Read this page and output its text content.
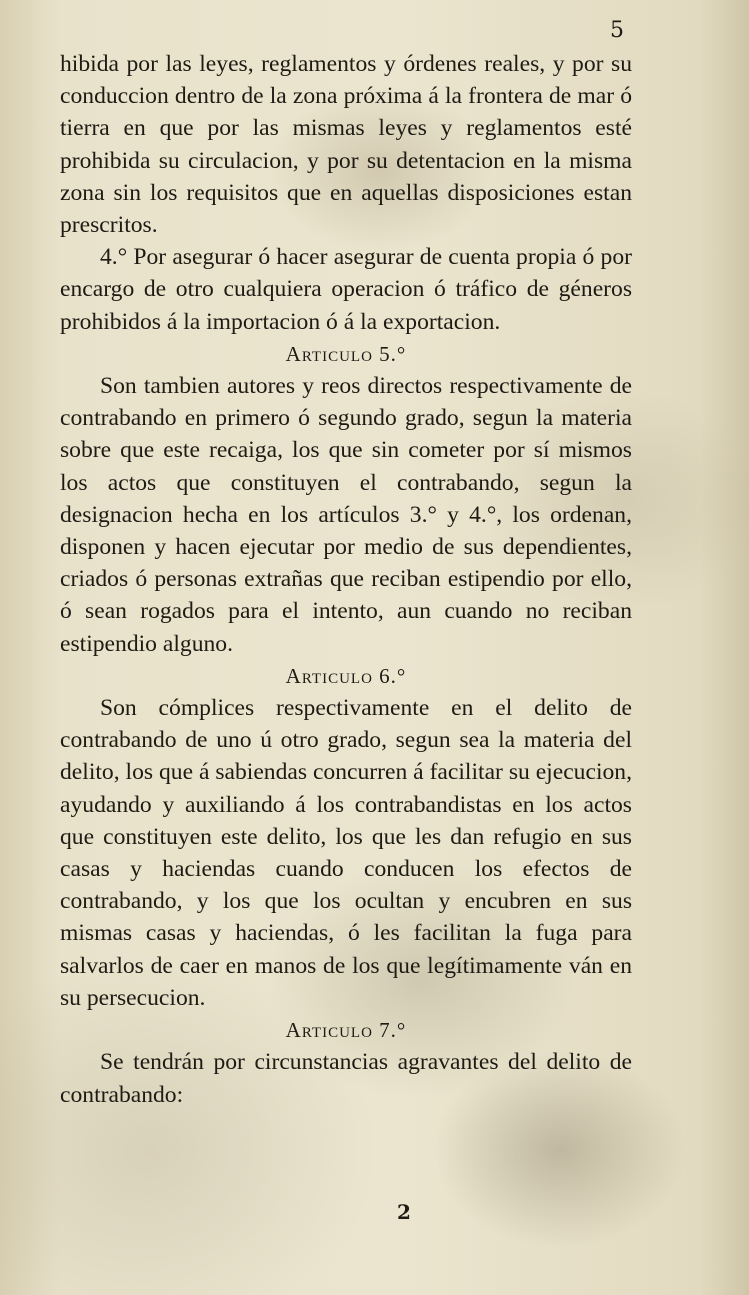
5

hibida por las leyes, reglamentos y órdenes reales, y por su conduccion dentro de la zona próxima á la frontera de mar ó tierra en que por las mismas leyes y reglamentos esté prohibida su circulacion, y por su detentacion en la misma zona sin los requisitos que en aquellas disposiciones estan prescritos.

4.° Por asegurar ó hacer asegurar de cuenta propia ó por encargo de otro cualquiera operacion ó tráfico de géneros prohibidos á la importacion ó á la exportacion.

Articulo 5.°

Son tambien autores y reos directos respectivamente de contrabando en primero ó segundo grado, segun la materia sobre que este recaiga, los que sin cometer por sí mismos los actos que constituyen el contrabando, segun la designacion hecha en los artículos 3.° y 4.°, los ordenan, disponen y hacen ejecutar por medio de sus dependientes, criados ó personas extrañas que reciban estipendio por ello, ó sean rogados para el intento, aun cuando no reciban estipendio alguno.

Articulo 6.°

Son cómplices respectivamente en el delito de contrabando de uno ú otro grado, segun sea la materia del delito, los que á sabiendas concurren á facilitar su ejecucion, ayudando y auxiliando á los contrabandistas en los actos que constituyen este delito, los que les dan refugio en sus casas y haciendas cuando conducen los efectos de contrabando, y los que los ocultan y encubren en sus mismas casas y haciendas, ó les facilitan la fuga para salvarlos de caer en manos de los que legítimamente ván en su persecucion.

Articulo 7.°

Se tendrán por circunstancias agravantes del delito de contrabando:

2
